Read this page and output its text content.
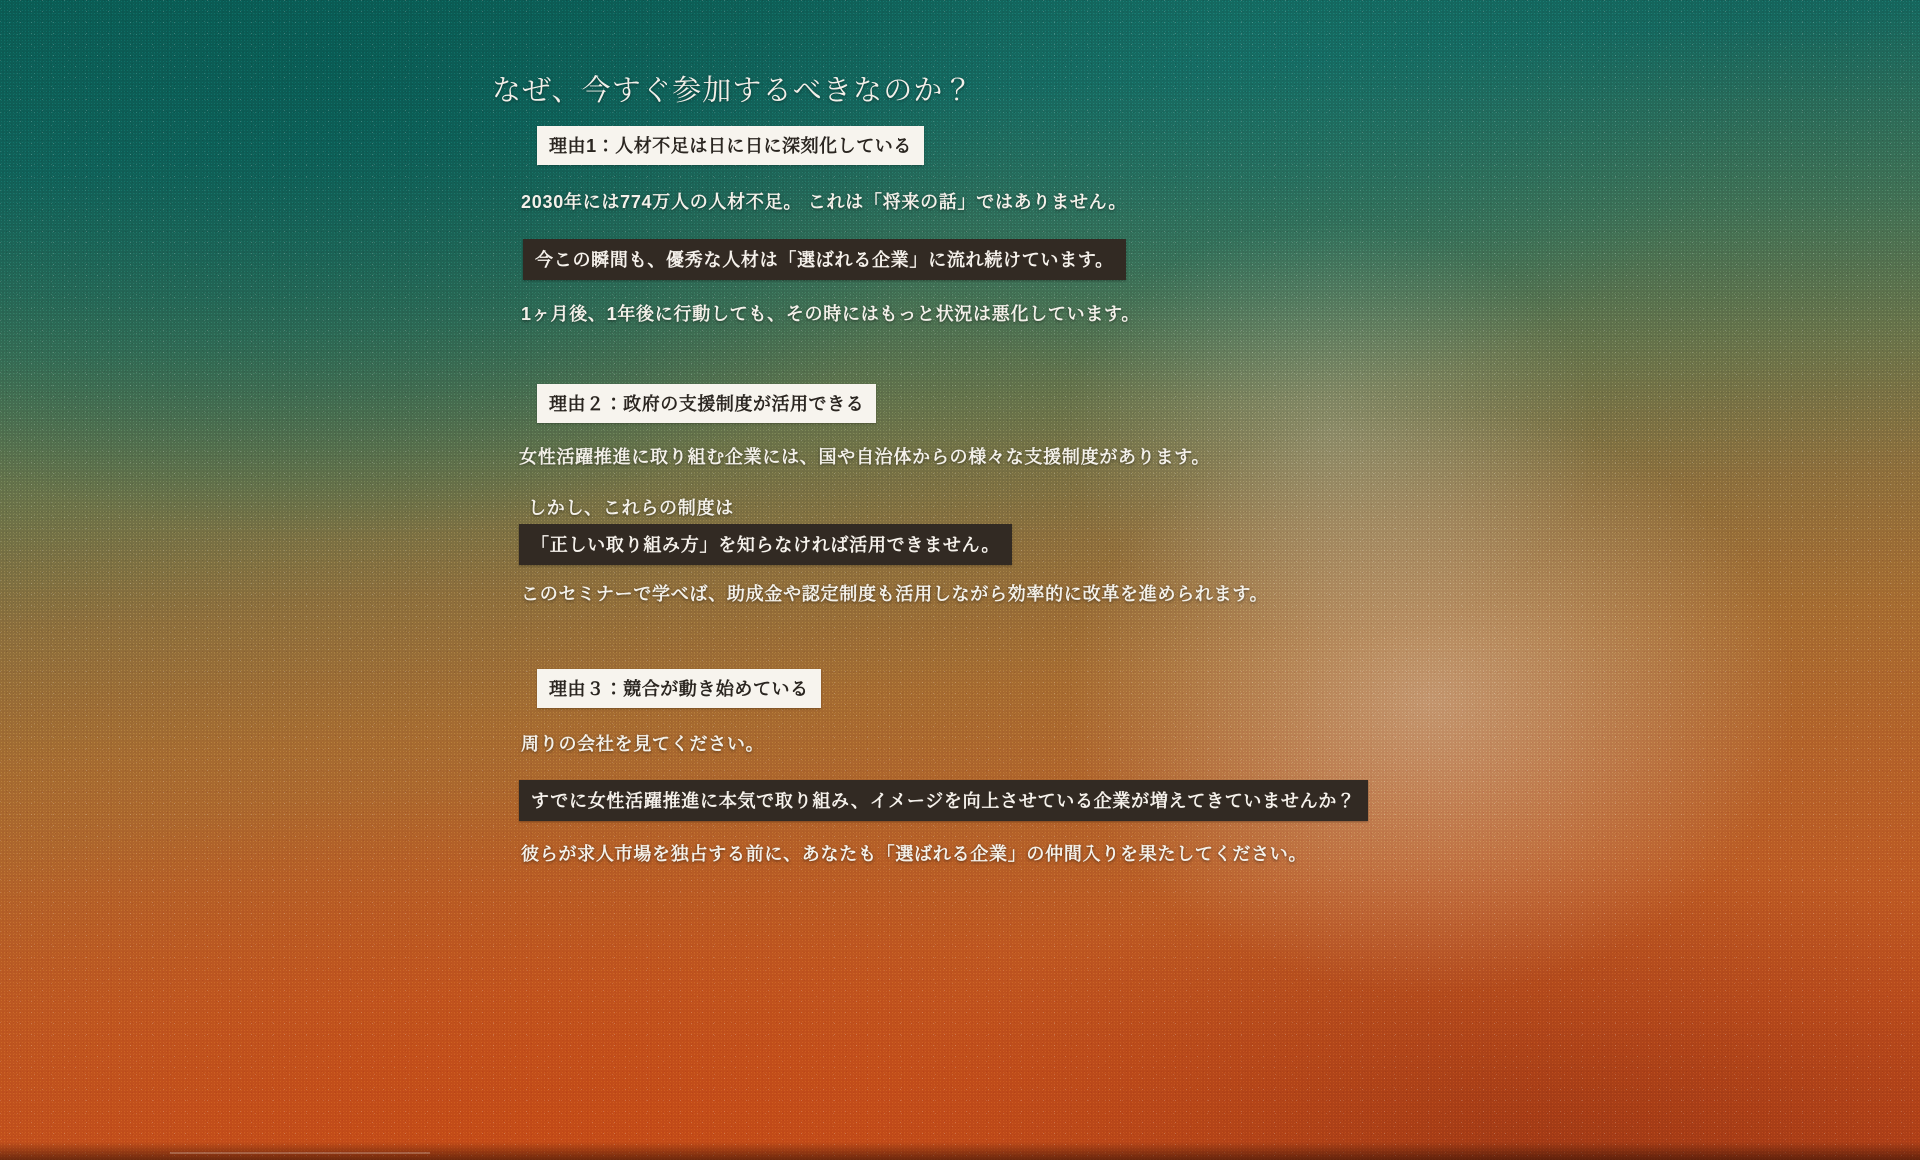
なぜ、今すぐ参加するべきなのか？
理由1：人材不足は日に日に深刻化している
2030年には774万人の人材不足。 これは「将来の話」ではありません。
今この瞬間も、優秀な人材は「選ばれる企業」に流れ続けています。
1ヶ月後、1年後に行動しても、その時にはもっと状況は悪化しています。
理由２：政府の支援制度が活用できる
女性活躍推進に取り組む企業には、国や自治体からの様々な支援制度があります。
しかし、これらの制度は
「正しい取り組み方」を知らなければ活用できません。
このセミナーで学べば、助成金や認定制度も活用しながら効率的に改革を進められます。
理由３：競合が動き始めている
周りの会社を見てください。
すでに女性活躍推進に本気で取り組み、イメージを向上させている企業が増えてきていませんか？
彼らが求人市場を独占する前に、あなたも「選ばれる企業」の仲間入りを果たしてください。
